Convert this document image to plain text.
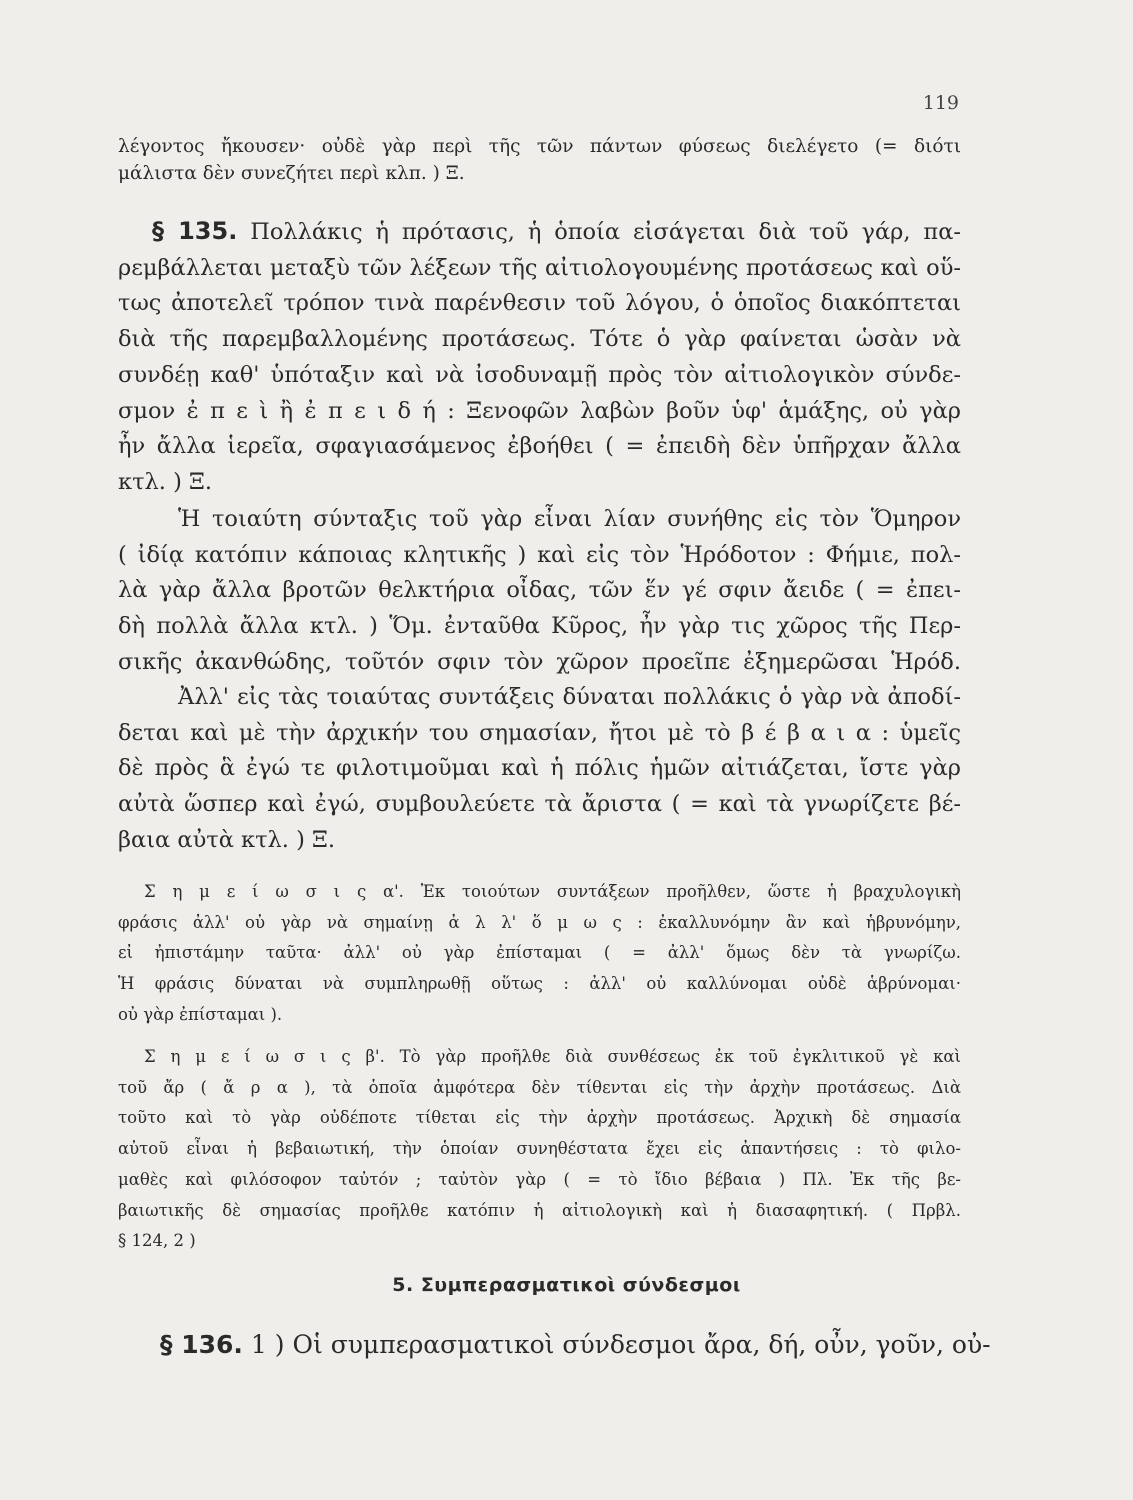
119
λέγοντος ἤκουσεν· οὐδὲ γὰρ περὶ τῆς τῶν πάντων φύσεως διελέγετο (= διότι
μάλιστα δὲν συνεζήτει περὶ κλπ. ) Ξ.
§ 135. Πολλάκις ἡ πρότασις, ἡ ὁποία εἰσάγεται διὰ τοῦ γάρ, πα-
ρεμβάλλεται μεταξὺ τῶν λέξεων τῆς αἰτιολογουμένης προτάσεως καὶ οὕ-
τως ἀποτελεῖ τρόπον τινὰ παρένθεσιν τοῦ λόγου, ὁ ὁποῖος διακόπτεται
διὰ τῆς παρεμβαλλομένης προτάσεως. Τότε ὁ γὰρ φαίνεται ὡσὰν νὰ
συνδέῃ καθ' ὑπόταξιν καὶ νὰ ἰσοδυναμῇ πρὸς τὸν αἰτιολογικὸν σύνδε-
σμον ἐ π ε ὶ ἢ ἐ π ε ι δ ή : Ξενοφῶν λαβὼν βοῦν ὑφ' ἁμάξης, οὐ γὰρ
ἦν ἄλλα ἱερεῖα, σφαγιασάμενος ἐβοήθει ( = ἐπειδὴ δὲν ὑπῆρχαν ἄλλα
κτλ. ) Ξ.
Ἡ τοιαύτη σύνταξις τοῦ γὰρ εἶναι λίαν συνήθης εἰς τὸν Ὅμηρον
( ἰδίᾳ κατόπιν κάποιας κλητικῆς ) καὶ εἰς τὸν Ἡρόδοτον : Φήμιε, πολ-
λὰ γὰρ ἄλλα βροτῶν θελκτήρια οἶδας, τῶν ἕν γέ σφιν ἄειδε ( = ἐπει-
δὴ πολλὰ ἄλλα κτλ. ) Ὅμ. ἐνταῦθα Κῦρος, ἦν γὰρ τις χῶρος τῆς Περ-
σικῆς ἀκανθώδης, τοῦτόν σφιν τὸν χῶρον προεῖπε ἐξημερῶσαι Ἡρόδ.
Ἀλλ' εἰς τὰς τοιαύτας συντάξεις δύναται πολλάκις ὁ γὰρ νὰ ἀποδί-
δεται καὶ μὲ τὴν ἀρχικήν του σημασίαν, ἤτοι μὲ τὸ β έ β α ι α : ὑμεῖς
δὲ πρὸς ἃ ἐγώ τε φιλοτιμοῦμαι καὶ ἡ πόλις ἡμῶν αἰτιάζεται, ἴστε γὰρ
αὐτὰ ὥσπερ καὶ ἐγώ, συμβουλεύετε τὰ ἄριστα ( = καὶ τὰ γνωρίζετε βέ-
βαια αὐτὰ κτλ. ) Ξ.
Σ η μ ε ί ω σ ι ς α'. Ἐκ τοιούτων συντάξεων προῆλθεν, ὥστε ἡ βραχυλογικὴ
φράσις ἀλλ' οὐ γὰρ νὰ σημαίνῃ ἀ λ λ' ὅ μ ω ς : ἐκαλλυνόμην ἂν καὶ ἡβρυνόμην,
εἰ ἠπιστάμην ταῦτα· ἀλλ' οὐ γὰρ ἐπίσταμαι ( = ἀλλ' ὅμως δὲν τὰ γνωρίζω.
Ἡ φράσις δύναται νὰ συμπληρωθῇ οὕτως : ἀλλ' οὐ καλλύνομαι οὐδὲ ἁβρύνομαι·
οὐ γὰρ ἐπίσταμαι ).
Σ η μ ε ί ω σ ι ς β'. Τὸ γὰρ προῆλθε διὰ συνθέσεως ἐκ τοῦ ἐγκλιτικοῦ γὲ καὶ
τοῦ ἄρ ( ἄ ρ α ), τὰ ὁποῖα ἀμφότερα δὲν τίθενται εἰς τὴν ἀρχὴν προτάσεως. Διὰ
τοῦτο καὶ τὸ γὰρ οὐδέποτε τίθεται εἰς τὴν ἀρχὴν προτάσεως. Ἀρχικὴ δὲ σημασία
αὐτοῦ εἶναι ἡ βεβαιωτική, τὴν ὁποίαν συνηθέστατα ἔχει εἰς ἀπαντήσεις : τὸ φιλο-
μαθὲς καὶ φιλόσοφον ταὐτόν ; ταὐτὸν γὰρ ( = τὸ ἴδιο βέβαια ) Πλ. Ἐκ τῆς βε-
βαιωτικῆς δὲ σημασίας προῆλθε κατόπιν ἡ αἰτιολογικὴ καὶ ἡ διασαφητική. ( Πρβλ.
§ 124, 2 )
5. Συμπερασματικοὶ σύνδεσμοι
§ 136. 1 ) Οἱ συμπερασματικοὶ σύνδεσμοι ἄρα, δή, οὖν, γοῦν, οὐ-
